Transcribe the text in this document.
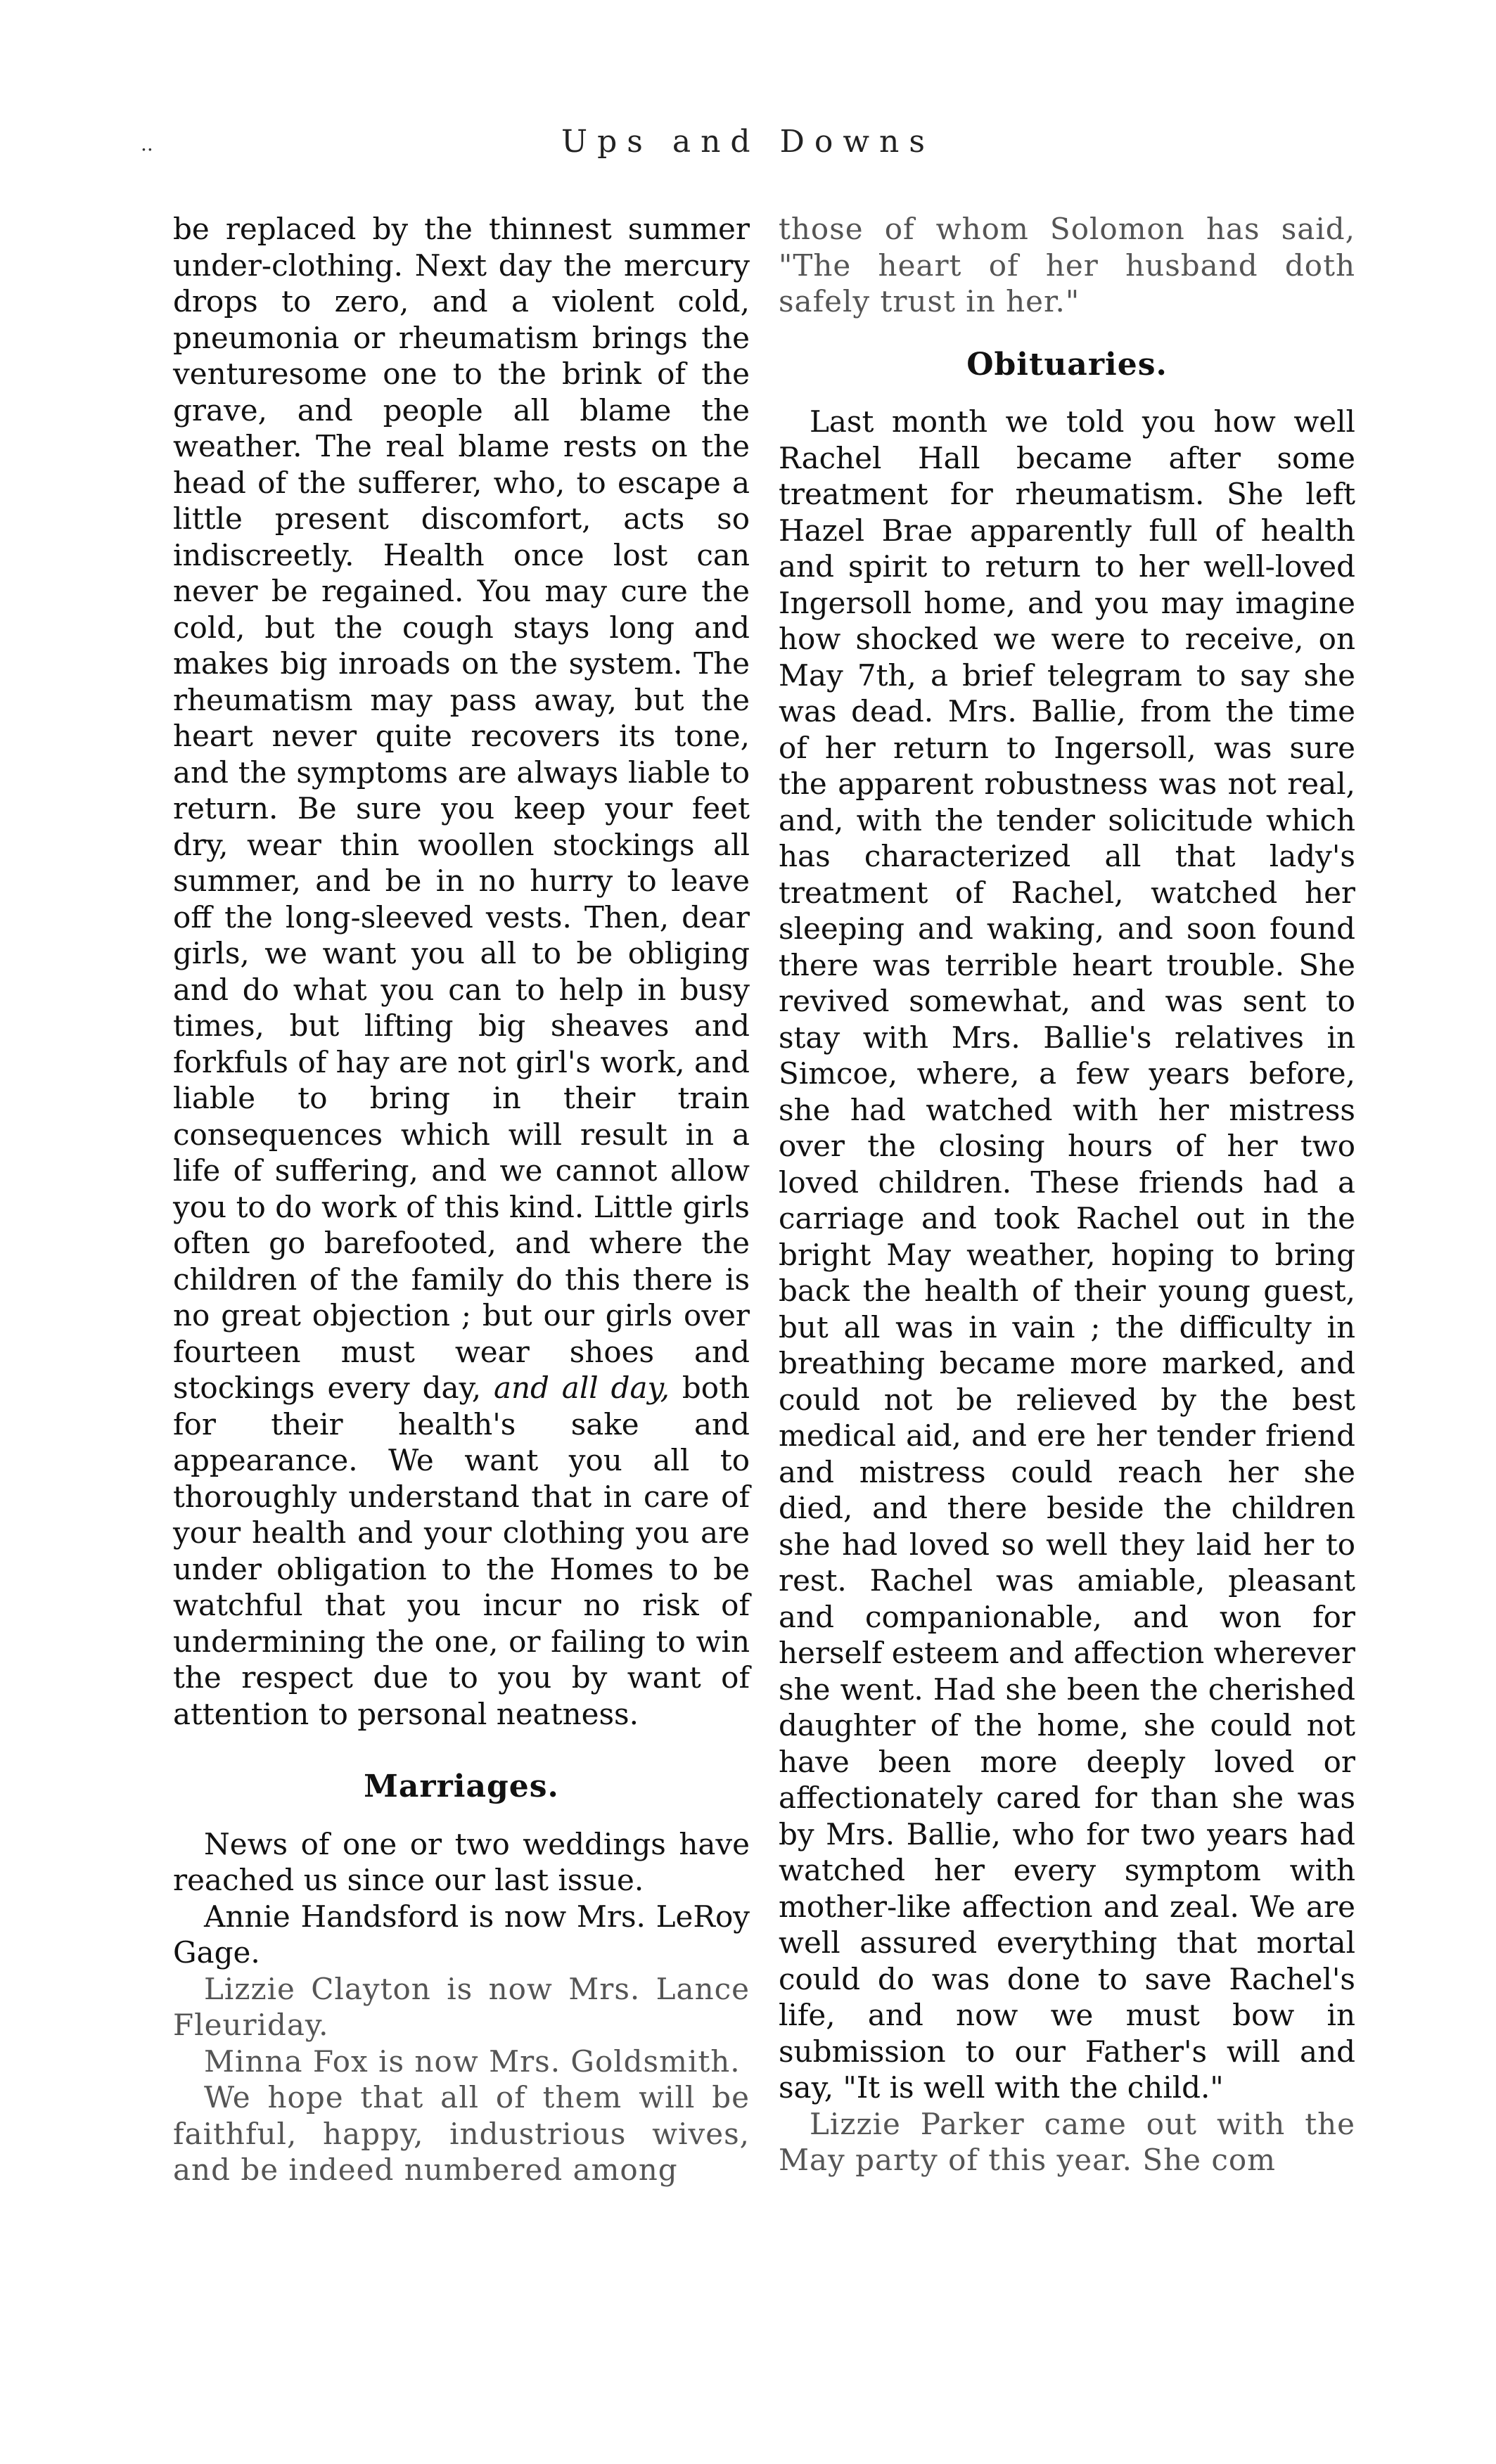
..	Ups and Downs

be replaced by the thinnest summer under-clothing. Next day the mercury drops to zero, and a violent cold, pneumonia or rheumatism brings the venturesome one to the brink of the grave, and people all blame the weather. The real blame rests on the head of the sufferer, who, to escape a little present discomfort, acts so indiscreetly. Health once lost can never be regained. You may cure the cold, but the cough stays long and makes big inroads on the system. The rheumatism may pass away, but the heart never quite recovers its tone, and the symptoms are always liable to return. Be sure you keep your feet dry, wear thin woollen stockings all summer, and be in no hurry to leave off the long-sleeved vests. Then, dear girls, we want you all to be obliging and do what you can to help in busy times, but lifting big sheaves and forkfuls of hay are not girl's work, and liable to bring in their train consequences which will result in a life of suffering, and we cannot allow you to do work of this kind. Little girls often go barefooted, and where the children of the family do this there is no great objection ; but our girls over fourteen must wear shoes and stockings every day, and all day, both for their health's sake and appearance. We want you all to thoroughly understand that in care of your health and your clothing you are under obligation to the Homes to be watchful that you incur no risk of undermining the one, or failing to win the respect due to you by want of attention to personal neatness.

Marriages.

News of one or two weddings have reached us since our last issue.

Annie Handsford is now Mrs. LeRoy Gage.

Lizzie Clayton is now Mrs. Lance Fleuriday.

Minna Fox is now Mrs. Goldsmith.

We hope that all of them will be faithful, happy, industrious wives, and be indeed numbered among

those of whom Solomon has said, "The heart of her husband doth safely trust in her."

Obituaries.

Last month we told you how well Rachel Hall became after some treatment for rheumatism. She left Hazel Brae apparently full of health and spirit to return to her well-loved Ingersoll home, and you may imagine how shocked we were to receive, on May 7th, a brief telegram to say she was dead. Mrs. Ballie, from the time of her return to Ingersoll, was sure the apparent robustness was not real, and, with the tender solicitude which has characterized all that lady's treatment of Rachel, watched her sleeping and waking, and soon found there was terrible heart trouble. She revived somewhat, and was sent to stay with Mrs. Ballie's relatives in Simcoe, where, a few years before, she had watched with her mistress over the closing hours of her two loved children. These friends had a carriage and took Rachel out in the bright May weather, hoping to bring back the health of their young guest, but all was in vain ; the difficulty in breathing became more marked, and could not be relieved by the best medical aid, and ere her tender friend and mistress could reach her she died, and there beside the children she had loved so well they laid her to rest. Rachel was amiable, pleasant and companionable, and won for herself esteem and affection wherever she went. Had she been the cherished daughter of the home, she could not have been more deeply loved or affectionately cared for than she was by Mrs. Ballie, who for two years had watched her every symptom with mother-like affection and zeal. We are well assured everything that mortal could do was done to save Rachel's life, and now we must bow in submission to our Father's will and say, "It is well with the child."

Lizzie Parker came out with the May party of this year. She com
